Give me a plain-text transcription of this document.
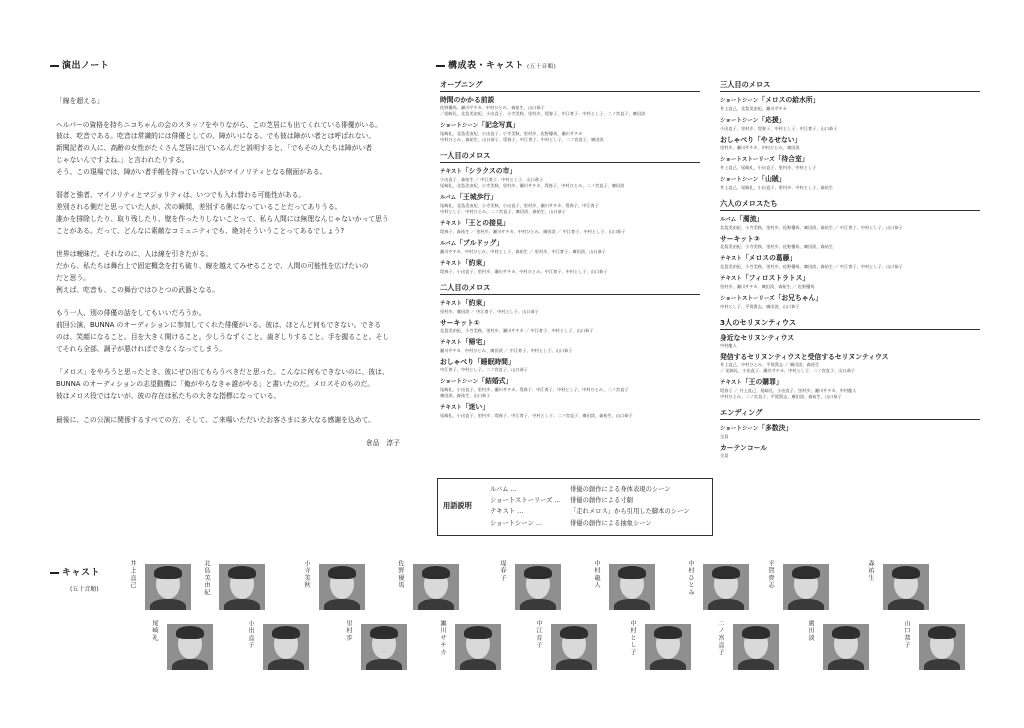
演出ノート

「線を超える」

ヘルパーの資格を持ちニコちゃんの会のスタッフをやりながら、この芝居にも出てくれている俳優がいる。
彼は、吃音である。吃音は常識的には俳優としての、障がいになる。でも彼は障がい者とは呼ばれない。
新聞記者の人に、高齢の女性がたくさん芝居に出ているんだと説明すると、「でもその人たちは障がい者
じゃないんですよね。」と言われたりする。
そう、この現場では、障がい者手帳を持っていない人がマイノリティとなる側面がある。

弱者と強者、マイノリティとマジョリティは、いつでも入れ替わる可能性がある。
差別される側だと思っていた人が、次の瞬間、差別する側になっていることだってありうる。
誰かを排除したり、取り残したり、壁を作ったりしないことって、私ら人間には無理なんじゃないかって思う
ことがある。だって、どんなに素敵なコミュニティでも、絶対そういうことってあるでしょう?

世界は曖昧だ。それなのに、人は線を引きたがる。
だから、私たちは舞台上で固定概念を打ち破り、線を越えてみせることで、人間の可能性を広げたいの
だと思う。
例えば、吃音も、この舞台ではひとつの武器となる。

もう一人、別の俳優の話をしてもいいだろうか。
前回公演、BUNNA のオーディションに参加してくれた俳優がいる。彼は、ほとんど何もできない。できる
のは、笑顔になること。目を大きく開けること。少しうなずくこと。歯ぎしりすること。手を握ること。そし
てそれら全部、調子が悪ければできなくなってしまう。

「メロス」をやろうと思ったとき、彼にぜひ出てもらうべきだと思った。こんなに何もできないのに、彼は、
BUNNA のオーディションの志望動機に「俺がやらなきゃ誰がやる」と書いたのだ。メロスそのものだ。
彼はメロス役ではないが、彼の存在は私たちの大きな指標になっている。

最後に、この公演に関係するすべての方、そして、ご来場いただいたお客さまに多大なる感謝を込めて。

倉品　淳子
構成表・キャスト (五十音順)
オープニング
時間のかかる前説
佐野優馬、瀬川サチカ、中村ひとみ、森祐生、山口恭子
／尾崎礼、北島美由紀、小出直子、小寺美秋、里村歩、堤春子、中江育子、中村とし子、二ノ宮直子、廣田淡
ショートシーン「記念写真」
尾崎礼、北島美由紀、小出直子、小寺美秋、里村歩、佐野優馬、瀬川サチカ
中村ひとみ、森祐生、山口恭子、堤春子、中江育子、中村とし子、二ノ宮直子、廣田淡
一人目のメロス
テキスト「シラクスの市」
小出直子、森祐生 ／ 中江育子、中村とし子、山口恭子
尾崎礼、北島美由紀、小寺美秋、里村歩、瀬川サチカ、堤春子、中村ひとみ、二ノ宮直子、廣田淡
ルバム「王城歩行」
尾崎礼、北島美由紀、小寺美秋、小出直子、里村歩、瀬川サチカ、堤春子、中江育子
中村とし子、中村ひとみ、二ノ宮直子、廣田淡、森祐生、山口恭子
テキスト「王との接見」
堤春子、森祐生 ／ 里村歩、瀬川サチカ、中村ひとみ、廣田淡 ／ 中江育子、中村とし子、山口恭子
ルバム「ブルドッグ」
瀬川サチカ、中村ひとみ、中村とし子、森祐生 ／ 里村歩、中江育子、廣田淡、山口恭子
テキスト「約束」
堤春子、小出直子、里村歩、瀬川サチカ、中村ひとみ、中江育子、中村とし子、山口恭子
二人目のメロス
テキスト「約束」
里村歩、廣田淡 ／ 中江育子、中村とし子、山口恭子
サーキット①
北島美由紀、小寺美秋、里村歩、瀬川サチカ ／ 中江育子、中村とし子、山口恭子
テキスト「帰宅」
瀬川サチカ、中村ひとみ、廣田淡 ／ 中江育子、中村とし子、山口恭子
おしゃべり「睡眠時間」
中江育子、中村とし子、二ノ宮直子、山口恭子
ショートシーン「結婚式」
尾崎礼、小出直子、里村歩、瀬川サチカ、堤春子、中江育子、中村とし子、中村ひとみ、二ノ宮直子
廣田淡、森祐生、山口恭子
テキスト「迷い」
尾崎礼、小出直子、里村歩、堤春子、中江育子、中村とし子、二ノ宮直子、廣田淡、森祐生、山口恭子
三人目のメロス
ショートシーン「メロスの給水所」
井上直己、北島美由紀、瀬川サチカ
ショートシーン「応援」
小出直子、里村歩、堤春子、中村とし子、中江育子、山口恭子
おしゃべり「やるせない」
里村歩、瀬川サチカ、中村ひとみ、廣田淡
ショートストーリーズ「待合室」
井上直己、尾崎礼、小出直子、里村歩、中村とし子
ショートシーン「山賊」
井上直己、尾崎礼、小出直子、里村歩、中村とし子、森祐生
六人のメロスたち
ルバム「濁流」
北島美由紀、小寺美秋、里村歩、佐野優馬、廣田淡、森祐生 ／ 中江育子、中村とし子、山口恭子
サーキット②
北島美由紀、小寺美秋、里村歩、佐野優馬、廣田淡、森祐生
テキスト「メロスの葛藤」
北島美由紀、小寺美秋、里村歩、佐野優馬、廣田淡、森祐生 ／ 中江育子、中村とし子、山口恭子
テキスト「フィロストラトス」
里村歩、瀬川サチカ、廣田淡、森祐生 ／ 佐野優馬
ショートストーリーズ「お兄ちゃん」
中村とし子、平賀貴志、廣田淡、山口恭子
3人のセリヌンティウス
身近なセリヌンティウス
中村龍人
発信するセリヌンティウスと受信するセリヌンティウス
井上直己、中村ひとみ、平賀貴志 ／ 廣田淡、森祐生
／ 尾崎礼、小出直子、瀬川サチカ、中村とし子、二ノ宮直子、山口恭子
テキスト「王の購罪」
堤春子 ／ 井上直己、尾崎礼、小出直子、里村歩、瀬川サチカ、中村龍人
中村ひとみ、二ノ宮直子、平賀貴志、廣田淡、森祐生、山口恭子
エンディング
ショートシーン「多数決」
全員
カーテンコール
全員
用語説明
ルバム …	俳優の創作による身体表現のシーン
ショートストーリーズ … 俳優の創作による寸劇
テキスト …	「走れメロス」から引用した脚本のシーン
ショートシーン …	俳優の創作による抽象シーン
キャスト
(五十音順)
井上直己	北島美由紀	小寺美秋	佐野優馬	堤春子	中村龍人	中村ひとみ	平賀貴志	森祐生
尾崎礼	小出直子	里村歩	瀬川サチカ	中江育子	中村とし子	二ノ宮直子	廣田淡	山口恭子
